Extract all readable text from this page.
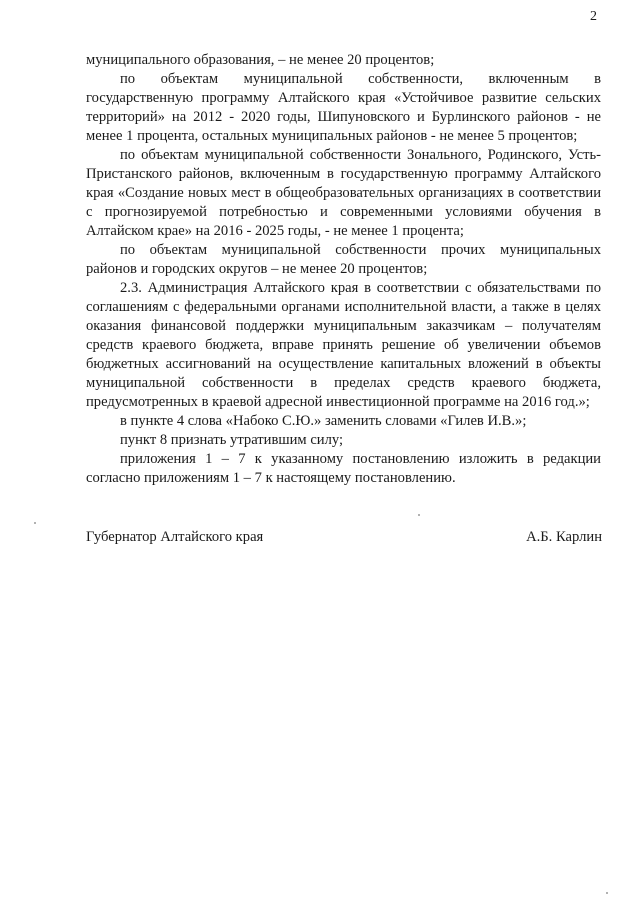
2

муниципального образования, – не менее 20 процентов;

по объектам муниципальной собственности, включенным в государственную программу Алтайского края «Устойчивое развитие сельских территорий» на 2012 - 2020 годы, Шипуновского и Бурлинского районов - не менее 1 процента, остальных муниципальных районов - не менее 5 процентов;

по объектам муниципальной собственности Зонального, Родинского, Усть-Пристанского районов, включенным в государственную программу Алтайского края «Создание новых мест в общеобразовательных организациях в соответствии с прогнозируемой потребностью и современными условиями обучения в Алтайском крае» на 2016 - 2025 годы, - не менее 1 процента;

по объектам муниципальной собственности прочих муниципальных районов и городских округов – не менее 20 процентов;

2.3. Администрация Алтайского края в соответствии с обязательствами по соглашениям с федеральными органами исполнительной власти, а также в целях оказания финансовой поддержки муниципальным заказчикам – получателям средств краевого бюджета, вправе принять решение об увеличении объемов бюджетных ассигнований на осуществление капитальных вложений в объекты муниципальной собственности в пределах средств краевого бюджета, предусмотренных в краевой адресной инвестиционной программе на 2016 год.»;

в пункте 4 слова «Набоко С.Ю.» заменить словами «Гилев И.В.»;

пункт 8 признать утратившим силу;

приложения 1 – 7 к указанному постановлению изложить в редакции согласно приложениям 1 – 7 к настоящему постановлению.

Губернатор Алтайского края	А.Б. Карлин
